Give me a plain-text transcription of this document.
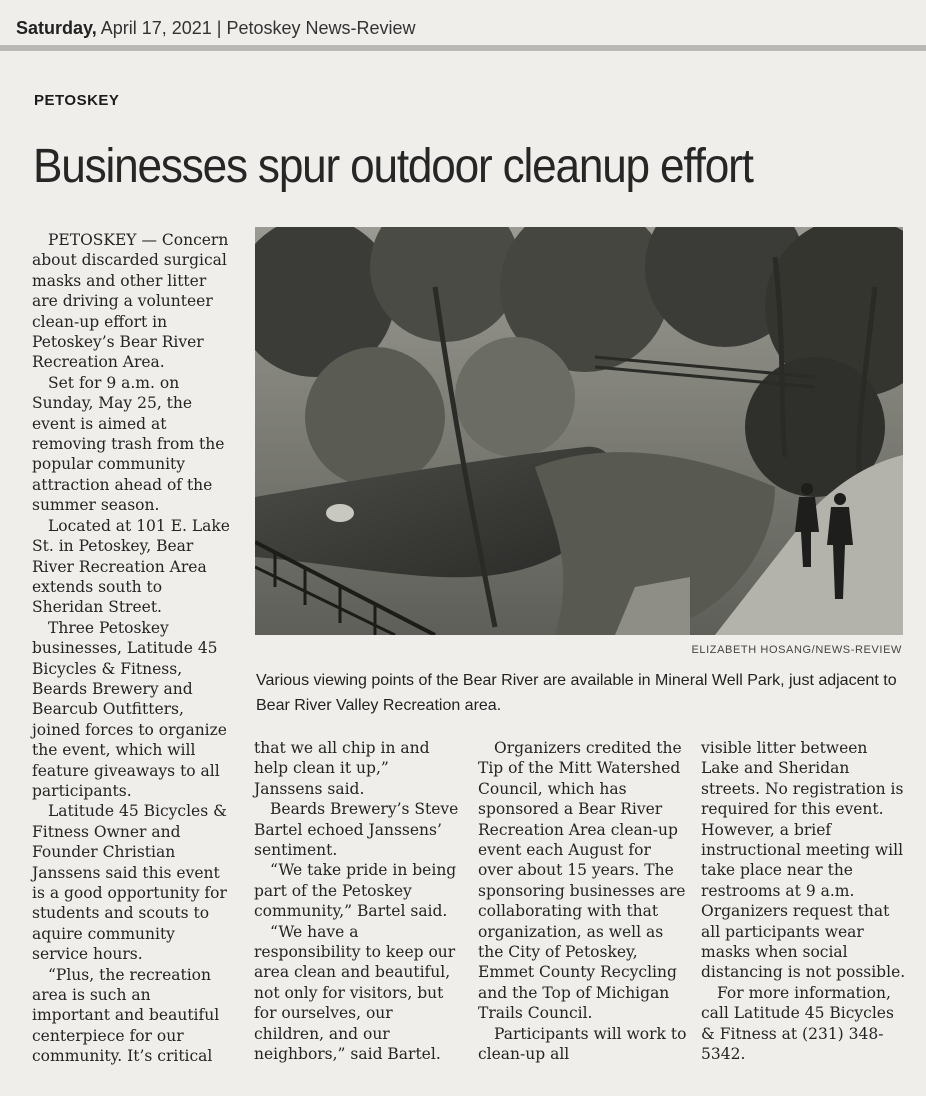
Saturday, April 17, 2021 | Petoskey News-Review
PETOSKEY
Businesses spur outdoor cleanup effort

PETOSKEY — Concern about discarded surgical masks and other litter are driving a volunteer clean-up effort in Petoskey’s Bear River Recreation Area.

Set for 9 a.m. on Sunday, May 25, the event is aimed at removing trash from the popular community attraction ahead of the summer season.

Located at 101 E. Lake St. in Petoskey, Bear River Recreation Area extends south to Sheridan Street.

Three Petoskey businesses, Latitude 45 Bicycles & Fitness, Beards Brewery and Bearcub Outfitters, joined forces to organize the event, which will feature giveaways to all participants.

Latitude 45 Bicycles & Fitness Owner and Founder Christian Janssens said this event is a good opportunity for students and scouts to aquire community service hours.

“Plus, the recreation area is such an important and beautiful centerpiece for our community. It’s critical

ELIZABETH HOSANG/NEWS-REVIEW
Various viewing points of the Bear River are available in Mineral Well Park, just adjacent to Bear River Valley Recreation area.

that we all chip in and help clean it up,” Janssens said.

Beards Brewery’s Steve Bartel echoed Janssens’ sentiment.

“We take pride in being part of the Petoskey community,” Bartel said.

“We have a responsibility to keep our area clean and beautiful, not only for visitors, but for ourselves, our children, and our neighbors,” said Bartel.

Organizers credited the Tip of the Mitt Watershed Council, which has sponsored a Bear River Recreation Area clean-up event each August for over about 15 years. The sponsoring businesses are collaborating with that organization, as well as the City of Petoskey, Emmet County Recycling and the Top of Michigan Trails Council.

Participants will work to clean-up all

visible litter between Lake and Sheridan streets. No registration is required for this event. However, a brief instructional meeting will take place near the restrooms at 9 a.m. Organizers request that all participants wear masks when social distancing is not possible.

For more information, call Latitude 45 Bicycles & Fitness at (231) 348-5342.
